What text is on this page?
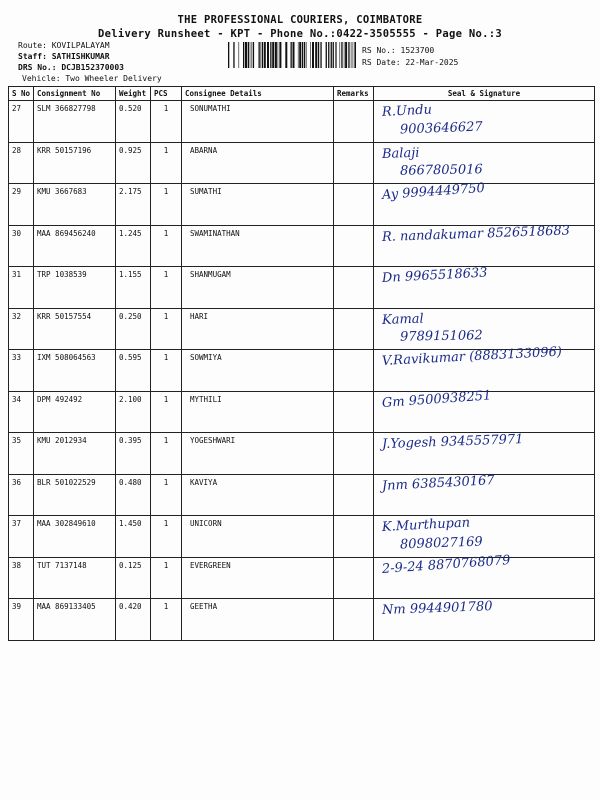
THE PROFESSIONAL COURIERS, COIMBATORE
Delivery Runsheet - KPT - Phone No.:0422-3505555 - Page No.:3
Route: KOVILPALAYAM
Staff: SATHISHKUMAR
DRS No.: DCJB152370003
Vehicle: Two Wheeler Delivery
RS No.: 1523700
RS Date: 22-Mar-2025
S No	Consignment No	Weight	PCS	Consignee Details	Remarks	Seal & Signature
27	SLM 366827798	0.520	1	SONUMATHI		R.Undu
9003646627

28	KRR 50157196	0.925	1	ABARNA		Balaji
8667805016

29	KMU 3667683	2.175	1	SUMATHI		Ay 9994449750

30	MAA 869456240	1.245	1	SWAMINATHAN		R. nandakumar 8526518683

31	TRP 1038539	1.155	1	SHANMUGAM		Dn 9965518633

32	KRR 50157554	0.250	1	HARI		Kamal
9789151062

33	IXM 508064563	0.595	1	SOWMIYA		V.Ravikumar (8883133096)

34	DPM 492492	2.100	1	MYTHILI		Gm 9500938251

35	KMU 2012934	0.395	1	YOGESHWARI		J.Yogesh 9345557971

36	BLR 501022529	0.480	1	KAVIYA		Jnm 6385430167

37	MAA 302849610	1.450	1	UNICORN		K.Murthupan
8098027169

38	TUT 7137148	0.125	1	EVERGREEN		2-9-24 8870768079

39	MAA 869133405	0.420	1	GEETHA		Nm 9944901780
